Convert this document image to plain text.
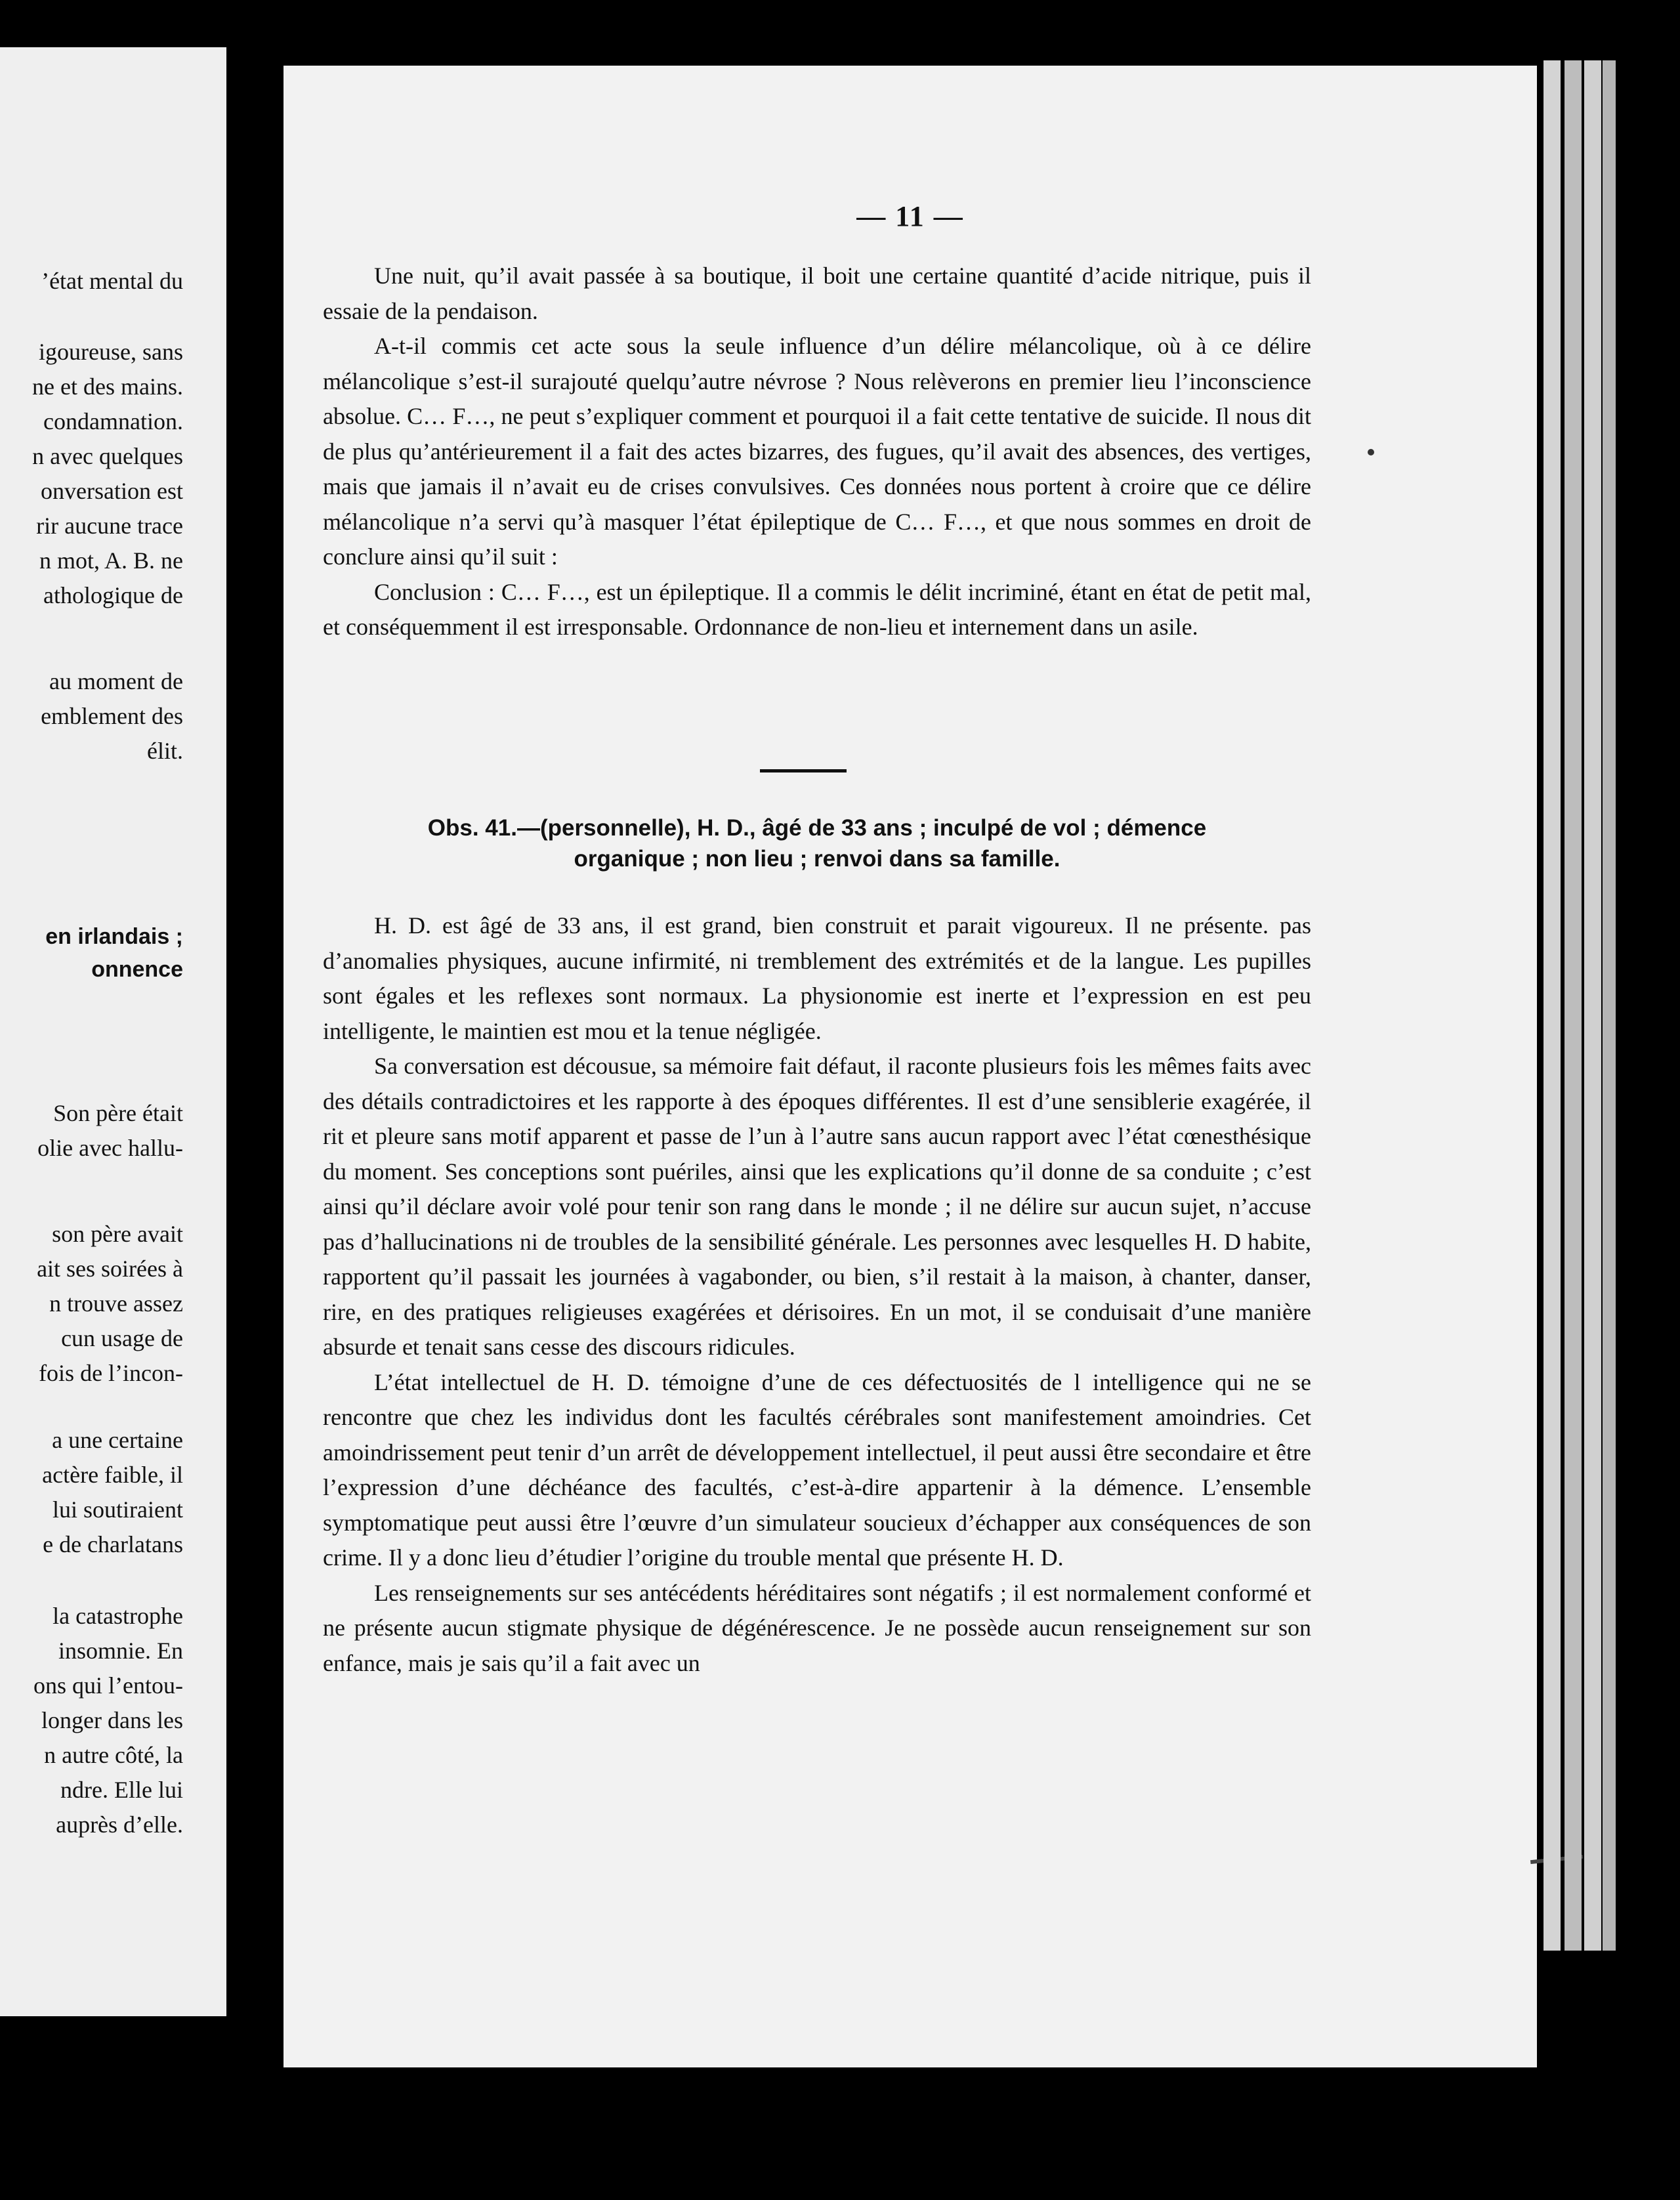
’état mental du
igoureuse, sans
ne et des mains.
condamnation.
n avec quelques
onversation est
rir aucune trace
n mot, A. B. ne
athologique de
au moment de
emblement des
élit.
en irlandais ;
onnence
Son père était
olie avec hallu-
son père avait
ait ses soirées à
n trouve assez
cun usage de
fois de l’incon-
a une certaine
actère faible, il
lui soutiraient
e de charlatans
la catastrophe
insomnie. En
ons qui l’entou-
longer dans les
n autre côté, la
ndre. Elle lui
auprès d’elle.
— 11 —

Une nuit, qu’il avait passée à sa boutique, il boit une certaine quantité d’acide nitrique, puis il essaie de la pendaison.

A-t-il commis cet acte sous la seule influence d’un délire mélancolique, où à ce délire mélancolique s’est-il surajouté quelqu’autre névrose ? Nous relèverons en premier lieu l’inconscience absolue. C… F…, ne peut s’expliquer comment et pourquoi il a fait cette tentative de suicide. Il nous dit de plus qu’antérieurement il a fait des actes bizarres, des fugues, qu’il avait des absences, des vertiges, mais que jamais il n’avait eu de crises convulsives. Ces données nous portent à croire que ce délire mélancolique n’a servi qu’à masquer l’état épileptique de C… F…, et que nous sommes en droit de conclure ainsi qu’il suit :

Conclusion : C… F…, est un épileptique. Il a commis le délit incriminé, étant en état de petit mal, et conséquemment il est irresponsable. Ordonnance de non-lieu et internement dans un asile.

Obs. 41.—(personnelle), H. D., âgé de 33 ans ; inculpé de vol ; démence
organique ; non lieu ; renvoi dans sa famille.

H. D. est âgé de 33 ans, il est grand, bien construit et parait vigoureux. Il ne présente. pas d’anomalies physiques, aucune infirmité, ni tremblement des extrémités et de la langue. Les pupilles sont égales et les reflexes sont normaux. La physionomie est inerte et l’expression en est peu intelligente, le maintien est mou et la tenue négligée.

Sa conversation est décousue, sa mémoire fait défaut, il raconte plusieurs fois les mêmes faits avec des détails contradictoires et les rapporte à des époques différentes. Il est d’une sensiblerie exagérée, il rit et pleure sans motif apparent et passe de l’un à l’autre sans aucun rapport avec l’état cœnesthésique du moment. Ses conceptions sont puériles, ainsi que les explications qu’il donne de sa conduite ; c’est ainsi qu’il déclare avoir volé pour tenir son rang dans le monde ; il ne délire sur aucun sujet, n’accuse pas d’hallucinations ni de troubles de la sensibilité générale. Les personnes avec lesquelles H. D habite, rapportent qu’il passait les journées à vagabonder, ou bien, s’il restait à la maison, à chanter, danser, rire, en des pratiques religieuses exagérées et dérisoires. En un mot, il se conduisait d’une manière absurde et tenait sans cesse des discours ridicules.

L’état intellectuel de H. D. témoigne d’une de ces défectuosités de l intelligence qui ne se rencontre que chez les individus dont les facultés cérébrales sont manifestement amoindries. Cet amoindrissement peut tenir d’un arrêt de développement intellectuel, il peut aussi être secondaire et être l’expression d’une déchéance des facultés, c’est-à-dire appartenir à la démence. L’ensemble symptomatique peut aussi être l’œuvre d’un simulateur soucieux d’échapper aux conséquences de son crime. Il y a donc lieu d’étudier l’origine du trouble mental que présente H. D.

Les renseignements sur ses antécédents héréditaires sont négatifs ; il est normalement conformé et ne présente aucun stigmate physique de dégénérescence. Je ne possède aucun renseignement sur son enfance, mais je sais qu’il a fait avec un
